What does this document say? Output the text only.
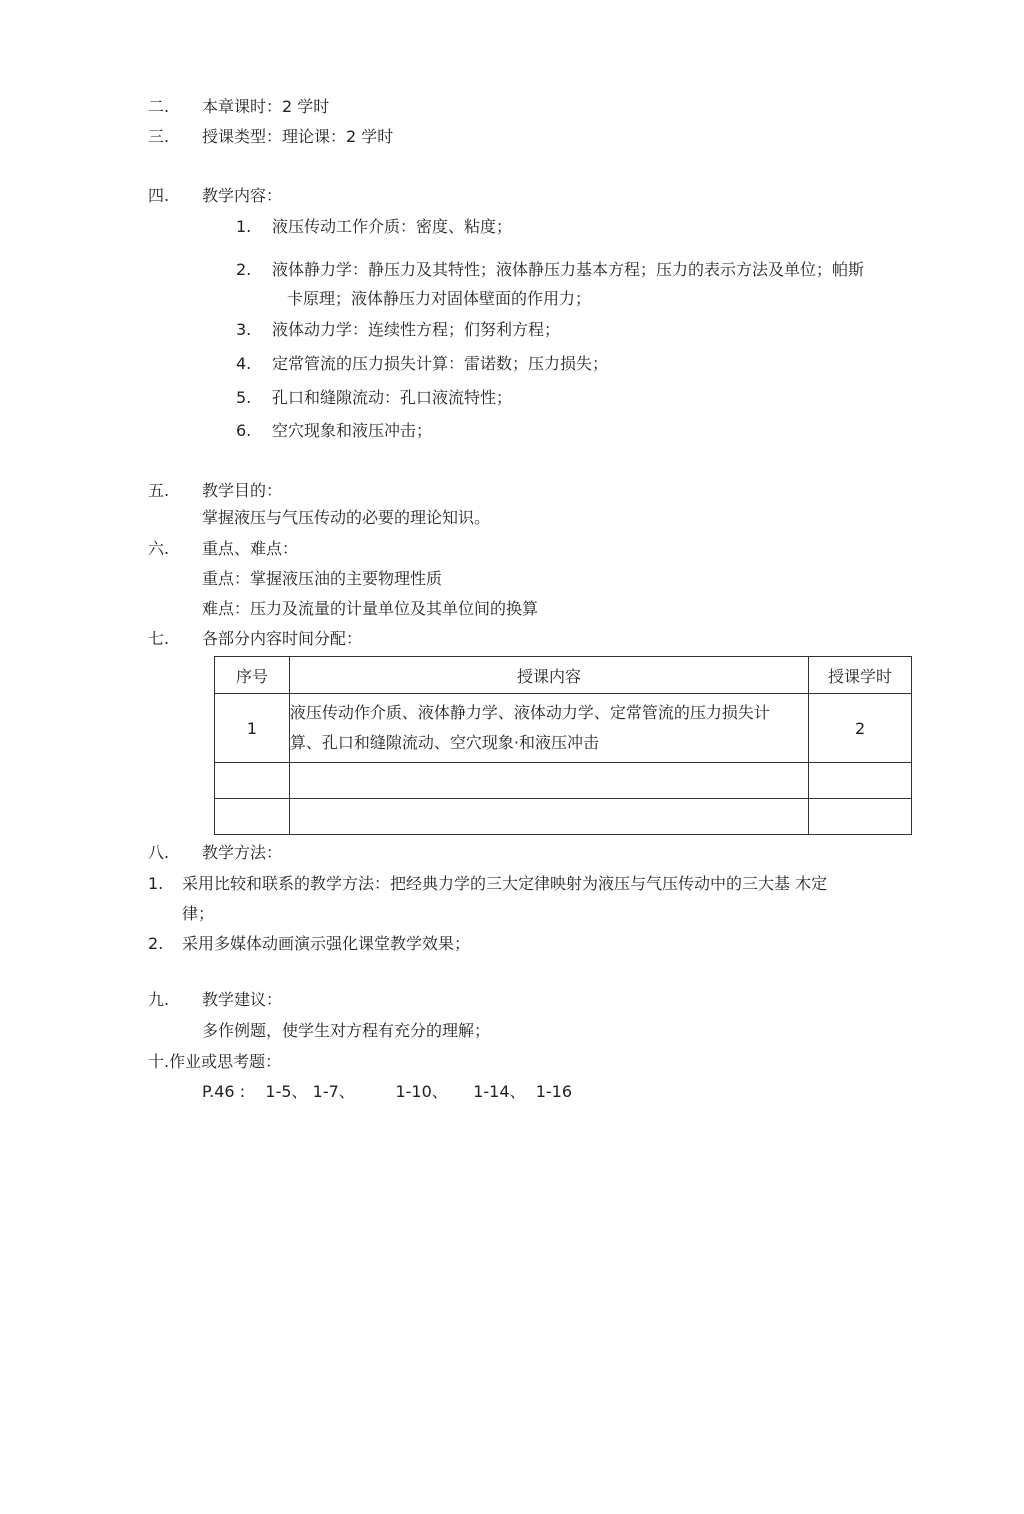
二. 本章课时：2 学时
三. 授课类型：理论课：2 学时
四. 教学内容：
1. 液压传动工作介质：密度、粘度；
2. 液体静力学：静压力及其特性；液体静压力基本方程；压力的表示方法及单位；帕斯
卡原理；液体静压力对固体壁面的作用力；
3. 液体动力学：连续性方程；们努利方程；
4. 定常管流的压力损失计算：雷诺数；压力损失；
5. 孔口和缝隙流动：孔口液流特性；
6. 空穴现象和液压冲击；
五. 教学目的：
掌握液压与气压传动的必要的理论知识。
六. 重点、难点：
重点：掌握液压油的主要物理性质
难点：压力及流量的计量单位及其单位间的换算
七. 各部分内容时间分配：
序号	授课内容	授课学时
1	液压传动作介质、液体静力学、液体动力学、定常管流的压力损失计算、孔口和缝隙流动、空穴现象·和液压冲击	2

八. 教学方法：
1. 采用比较和联系的教学方法：把经典力学的三大定律映射为液压与气压传动中的三大基 木定
律；
2. 采用多媒体动画演示强化课堂教学效果；
九. 教学建议：
多作例题，使学生对方程有充分的理解；
十.作业或思考题：
P.46 :    1-5、 1-7、        1-10、     1-14、  1-16
